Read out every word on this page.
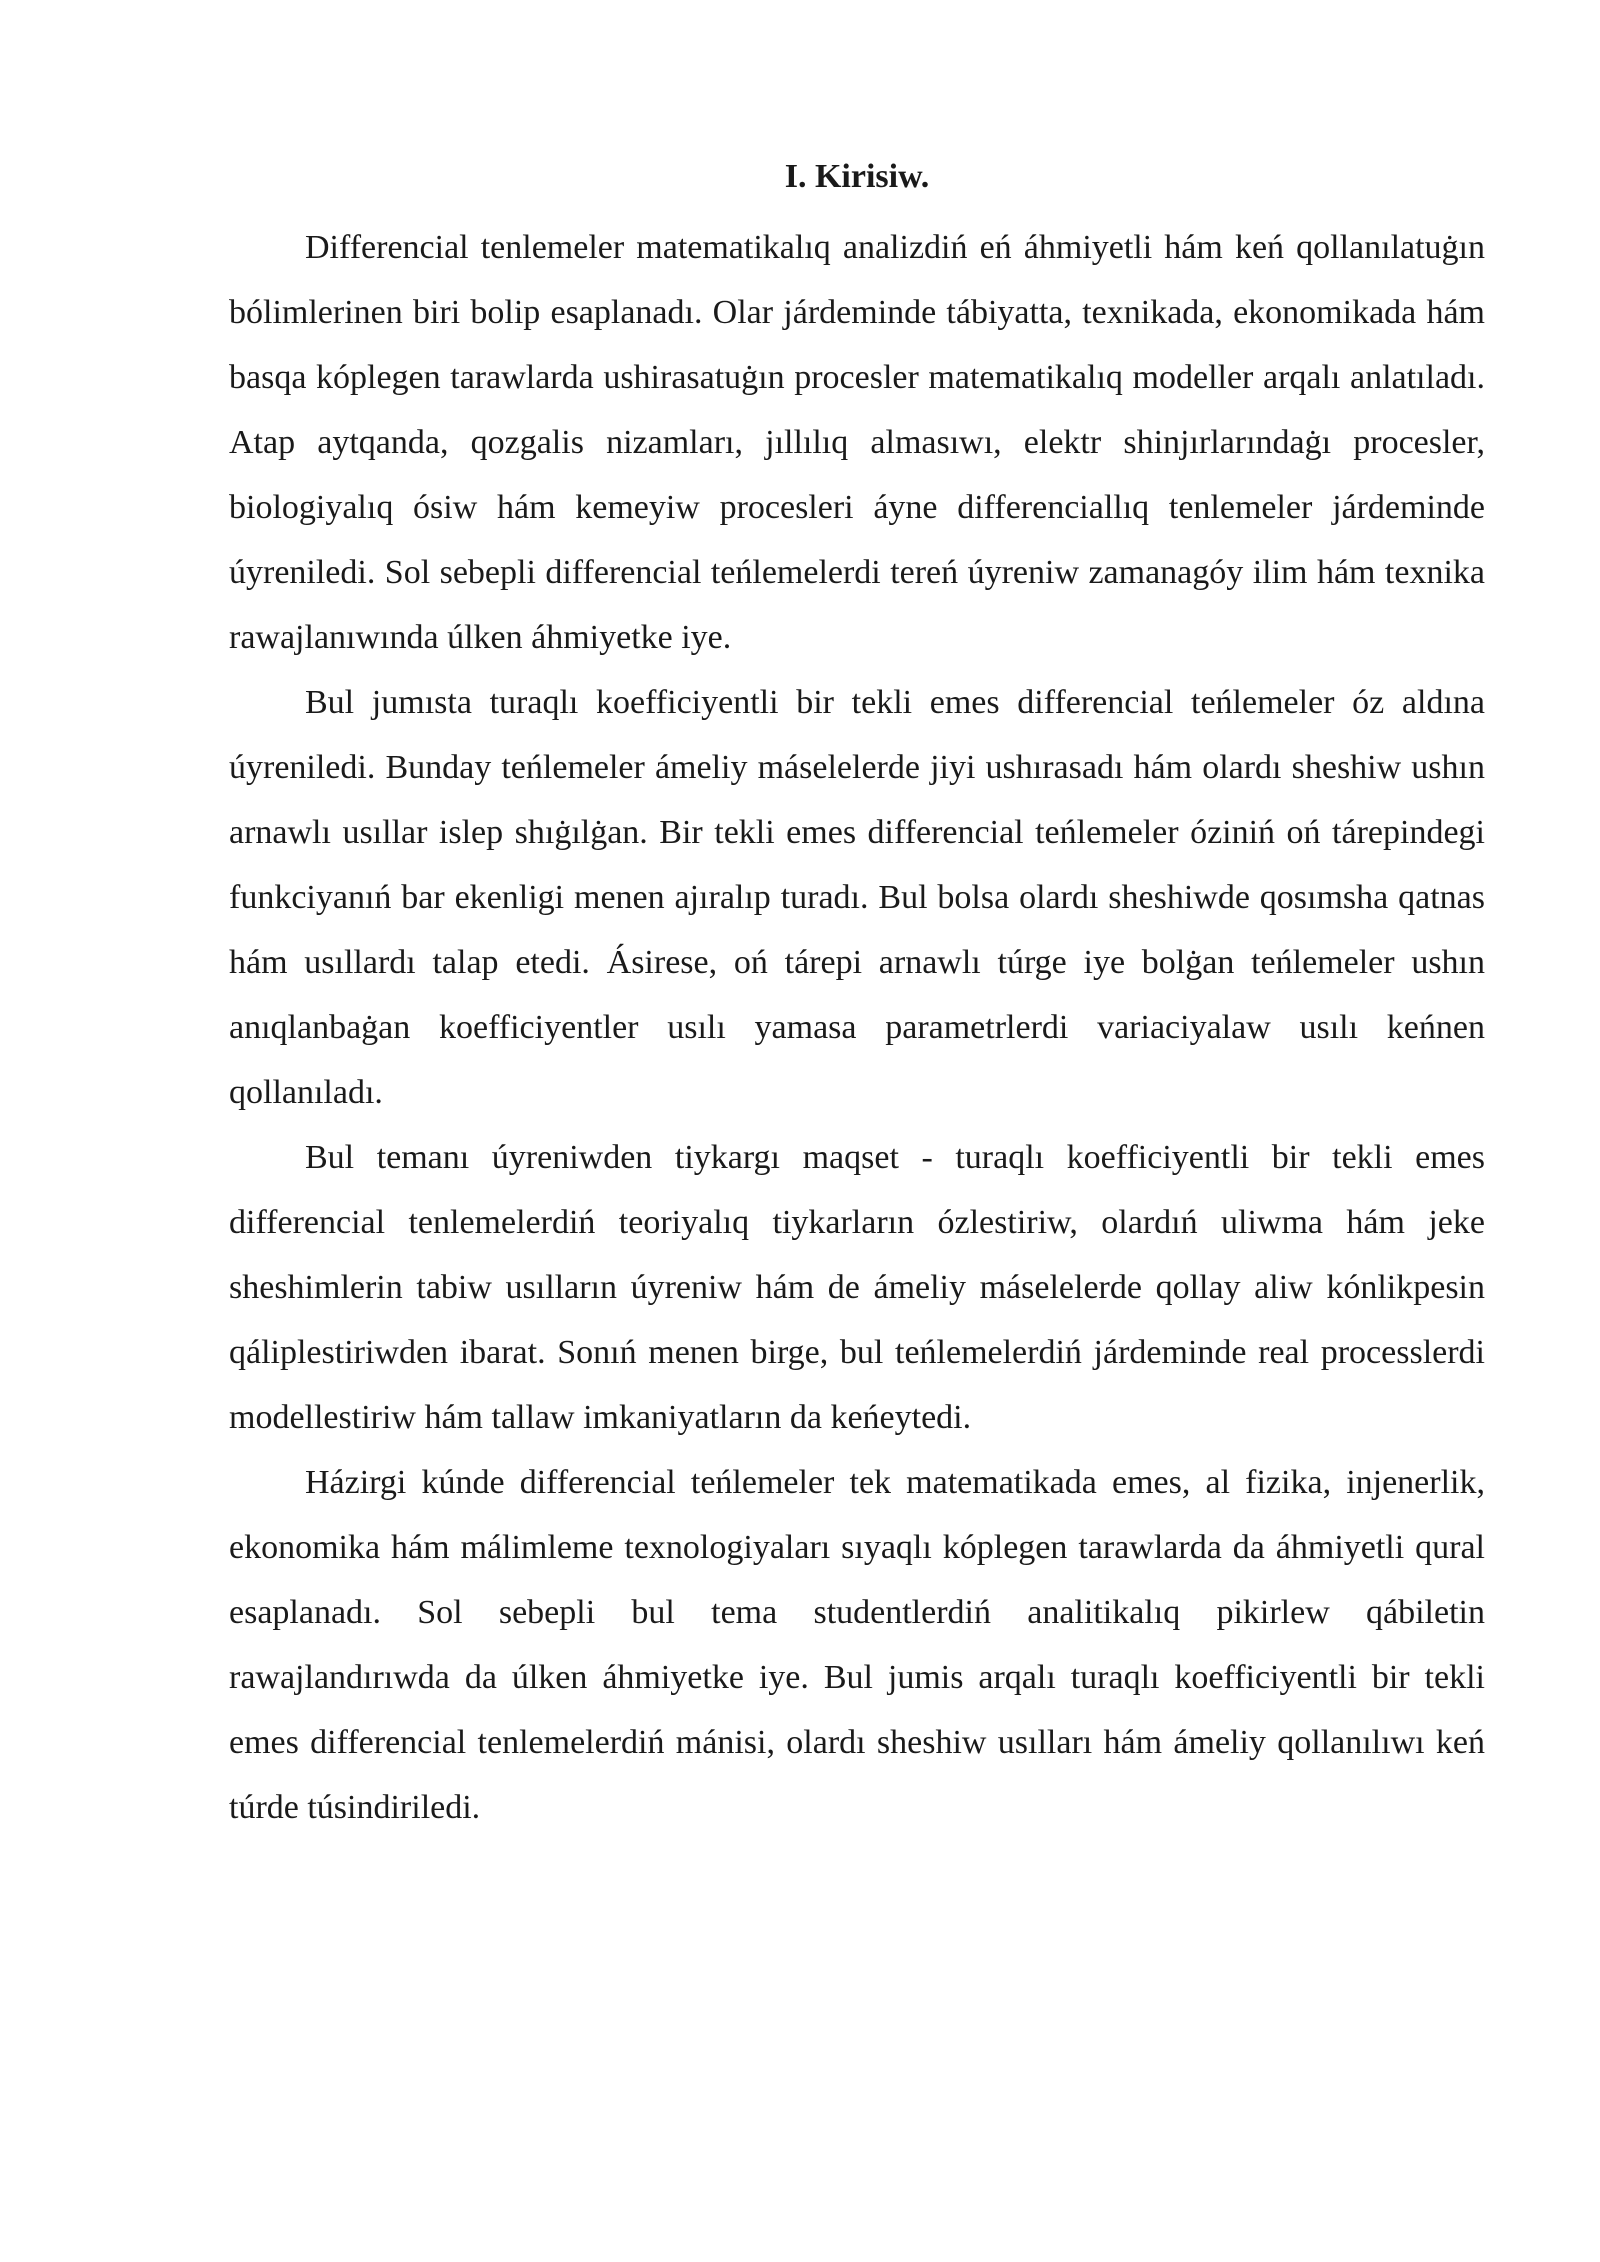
I. Kirisiw.

Differencial tenlemeler matematikalıq analizdiń eń áhmiyetli hám keń qollanılatuġın bólimlerinen biri bolip esaplanadı. Olar járdeminde tábiyatta, texnikada, ekonomikada hám basqa kóplegen tarawlarda ushirasatuġın procesler matematikalıq modeller arqalı anlatıladı. Atap aytqanda, qozgalis nizamları, jıllılıq almasıwı, elektr shinjırlarındaġı procesler, biologiyalıq ósiw hám kemeyiw procesleri áyne differenciallıq tenlemeler járdeminde úyreniledi. Sol sebepli differencial teńlemelerdi tereń úyreniw zamanagóy ilim hám texnika rawajlanıwında úlken áhmiyetke iye.

Bul jumısta turaqlı koefficiyentli bir tekli emes differencial teńlemeler óz aldına úyreniledi. Bunday teńlemeler ámeliy máselelerde jiyi ushırasadı hám olardı sheshiw ushın arnawlı usıllar islep shıġılġan. Bir tekli emes differencial teńlemeler óziniń oń tárepindegi funkciyanıń bar ekenligi menen ajıralıp turadı. Bul bolsa olardı sheshiwde qosımsha qatnas hám usıllardı talap etedi. Ásirese, oń tárepi arnawlı túrge iye bolġan teńlemeler ushın anıqlanbaġan koefficiyentler usılı yamasa parametrlerdi variaciyalaw usılı keńnen qollanıladı.

Bul temanı úyreniwden tiykargı maqset - turaqlı koefficiyentli bir tekli emes differencial tenlemelerdiń teoriyalıq tiykarların ózlestiriw, olardıń uliwma hám jeke sheshimlerin tabiw usılların úyreniw hám de ámeliy máselelerde qollay aliw kónlikpesin qáliplestiriwden ibarat. Sonıń menen birge, bul teńlemelerdiń járdeminde real processlerdi modellestiriw hám tallaw imkaniyatların da keńeytedi.

Házirgi kúnde differencial teńlemeler tek matematikada emes, al fizika, injenerlik, ekonomika hám málimleme texnologiyaları sıyaqlı kóplegen tarawlarda da áhmiyetli qural esaplanadı. Sol sebepli bul tema studentlerdiń analitikalıq pikirlew qábiletin rawajlandırıwda da úlken áhmiyetke iye. Bul jumis arqalı turaqlı koefficiyentli bir tekli emes differencial tenlemelerdiń mánisi, olardı sheshiw usılları hám ámeliy qollanılıwı keń túrde túsindiriledi.
